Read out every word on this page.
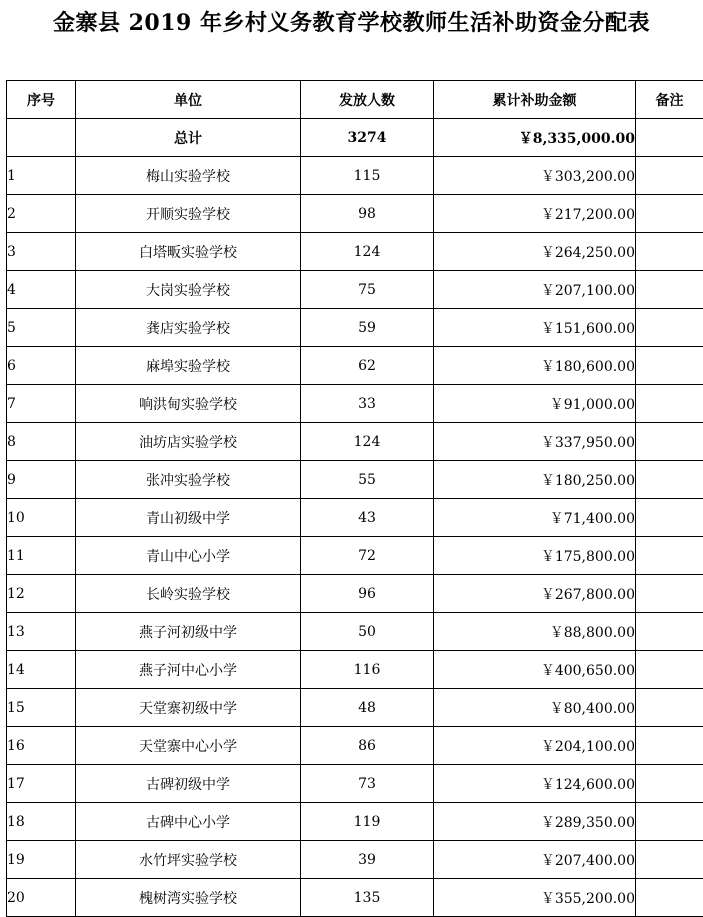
金寨县 2019 年乡村义务教育学校教师生活补助资金分配表
序号	单位	发放人数	累计补助金额	备注
	总计	3274	￥8,335,000.00	
1	梅山实验学校	115	￥303,200.00	
2	开顺实验学校	98	￥217,200.00	
3	白塔畈实验学校	124	￥264,250.00	
4	大岗实验学校	75	￥207,100.00	
5	龚店实验学校	59	￥151,600.00	
6	麻埠实验学校	62	￥180,600.00	
7	响洪甸实验学校	33	￥91,000.00	
8	油坊店实验学校	124	￥337,950.00	
9	张冲实验学校	55	￥180,250.00	
10	青山初级中学	43	￥71,400.00	
11	青山中心小学	72	￥175,800.00	
12	长岭实验学校	96	￥267,800.00	
13	燕子河初级中学	50	￥88,800.00	
14	燕子河中心小学	116	￥400,650.00	
15	天堂寨初级中学	48	￥80,400.00	
16	天堂寨中心小学	86	￥204,100.00	
17	古碑初级中学	73	￥124,600.00	
18	古碑中心小学	119	￥289,350.00	
19	水竹坪实验学校	39	￥207,400.00	
20	槐树湾实验学校	135	￥355,200.00	
